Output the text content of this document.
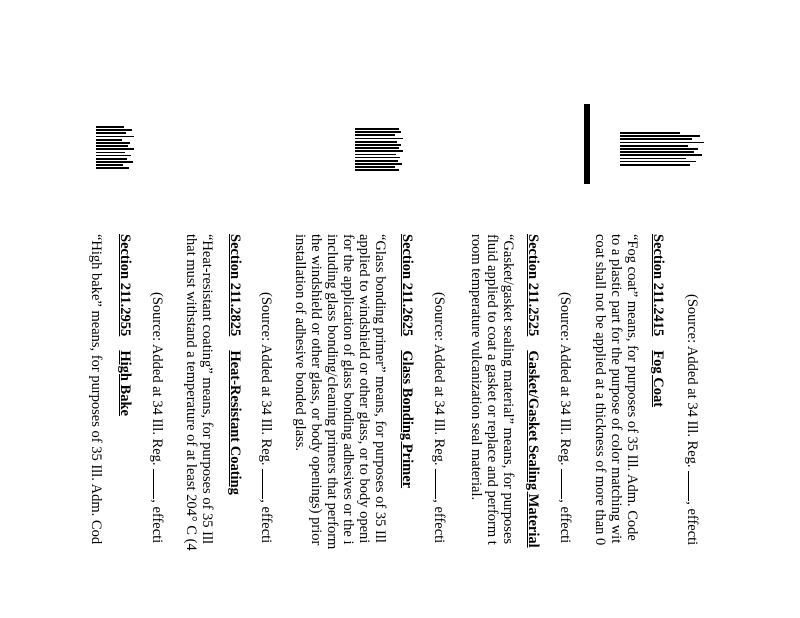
(Source: Added at 34 Ill. Reg. , effecti
Section 211.2415Fog Coat
“Fog coat” means, for purposes of 35 Ill. Adm. Code
to a plastic part for the purpose of color matching wit
coat shall not be applied at a thickness of more than 0
(Source: Added at 34 Ill. Reg. , effecti
Section 211.2525Gasket/Gasket Sealing Material
“Gasket/gasket sealing material” means, for purposes
fluid applied to coat a gasket or replace and perform t
room temperature vulcanization seal material.
(Source: Added at 34 Ill. Reg. , effecti
Section 211.2625Glass Bonding Primer
“Glass bonding primer” means, for purposes of 35 Ill
applied to windshield or other glass, or to body openi
for the application of glass bonding adhesives or the i
including glass bonding/cleaning primers that perform
the windshield or other glass, or body openings) prior
installation of adhesive bonded glass.
(Source: Added at 34 Ill. Reg. , effecti
Section 211.2825Heat-Resistant Coating
“Heat-resistant coating” means, for purposes of 35 Ill
that must withstand a temperature of at least 204° C (4
(Source: Added at 34 Ill. Reg. , effecti
Section 211.2955High Bake
“High bake” means, for purposes of 35 Ill. Adm. Cod
